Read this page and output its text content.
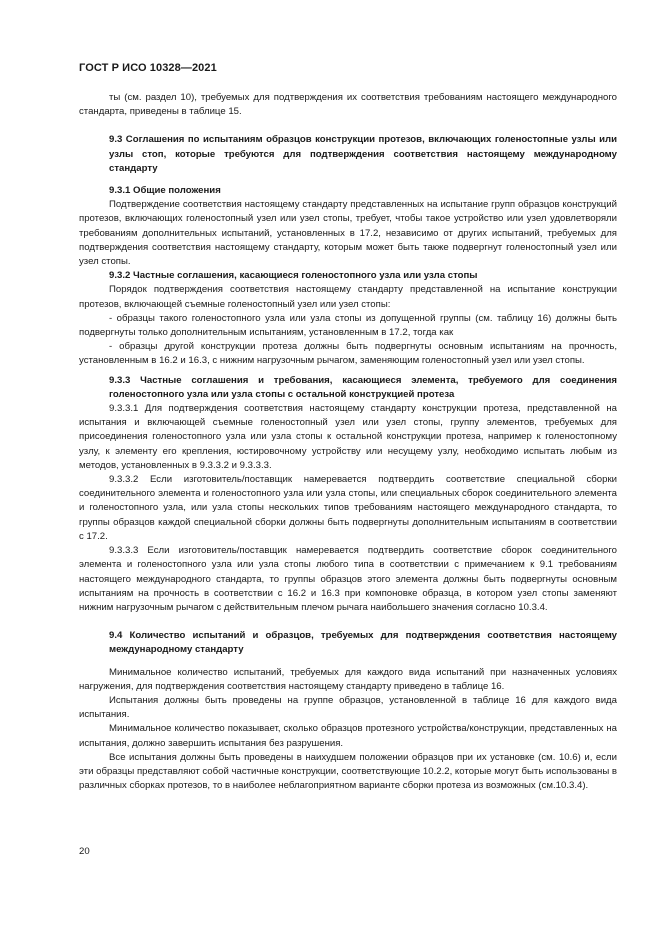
ГОСТ Р ИСО 10328—2021

ты (см. раздел 10), требуемых для подтверждения их соответствия требованиям настоящего международного стандарта, приведены в таблице 15.

9.3 Соглашения по испытаниям образцов конструкции протезов, включающих голеностопные узлы или узлы стоп, которые требуются для подтверждения соответствия настоящему международному стандарту

9.3.1 Общие положения

Подтверждение соответствия настоящему стандарту представленных на испытание групп образцов конструкций протезов, включающих голеностопный узел или узел стопы, требует, чтобы такое устройство или узел удовлетворяли требованиям дополнительных испытаний, установленных в 17.2, независимо от других испытаний, требуемых для подтверждения соответствия настоящему стандарту, которым может быть также подвергнут голеностопный узел или узел стопы.

9.3.2 Частные соглашения, касающиеся голеностопного узла или узла стопы

Порядок подтверждения соответствия настоящему стандарту представленной на испытание конструкции протезов, включающей съемные голеностопный узел или узел стопы:

- образцы такого голеностопного узла или узла стопы из допущенной группы (см. таблицу 16) должны быть подвергнуты только дополнительным испытаниям, установленным в 17.2, тогда как

- образцы другой конструкции протеза должны быть подвергнуты основным испытаниям на прочность, установленным в 16.2 и 16.3, с нижним нагрузочным рычагом, заменяющим голеностопный узел или узел стопы.

9.3.3 Частные соглашения и требования, касающиеся элемента, требуемого для соединения голеностопного узла или узла стопы с остальной конструкцией протеза

9.3.3.1 Для подтверждения соответствия настоящему стандарту конструкции протеза, представленной на испытания и включающей съемные голеностопный узел или узел стопы, группу элементов, требуемых для присоединения голеностопного узла или узла стопы к остальной конструкции протеза, например к голеностопному узлу, к элементу его крепления, юстировочному устройству или несущему узлу, необходимо испытать любым из методов, установленных в 9.3.3.2 и 9.3.3.3.

9.3.3.2 Если изготовитель/поставщик намеревается подтвердить соответствие специальной сборки соединительного элемента и голеностопного узла или узла стопы, или специальных сборок соединительного элемента и голеностопного узла, или узла стопы нескольких типов требованиям настоящего международного стандарта, то группы образцов каждой специальной сборки должны быть подвергнуты дополнительным испытаниям в соответствии с 17.2.

9.3.3.3 Если изготовитель/поставщик намеревается подтвердить соответствие сборок соединительного элемента и голеностопного узла или узла стопы любого типа в соответствии с примечанием к 9.1 требованиям настоящего международного стандарта, то группы образцов этого элемента должны быть подвергнуты основным испытаниям на прочность в соответствии с 16.2 и 16.3 при компоновке образца, в котором узел стопы заменяют нижним нагрузочным рычагом с действительным плечом рычага наибольшего значения согласно 10.3.4.

9.4 Количество испытаний и образцов, требуемых для подтверждения соответствия настоящему международному стандарту

Минимальное количество испытаний, требуемых для каждого вида испытаний при назначенных условиях нагружения, для подтверждения соответствия настоящему стандарту приведено в таблице 16.

Испытания должны быть проведены на группе образцов, установленной в таблице 16 для каждого вида испытания.

Минимальное количество показывает, сколько образцов протезного устройства/конструкции, представленных на испытания, должно завершить испытания без разрушения.

Все испытания должны быть проведены в наихудшем положении образцов при их установке (см. 10.6) и, если эти образцы представляют собой частичные конструкции, соответствующие 10.2.2, которые могут быть использованы в различных сборках протезов, то в наиболее неблагоприятном варианте сборки протеза из возможных (см.10.3.4).

20
